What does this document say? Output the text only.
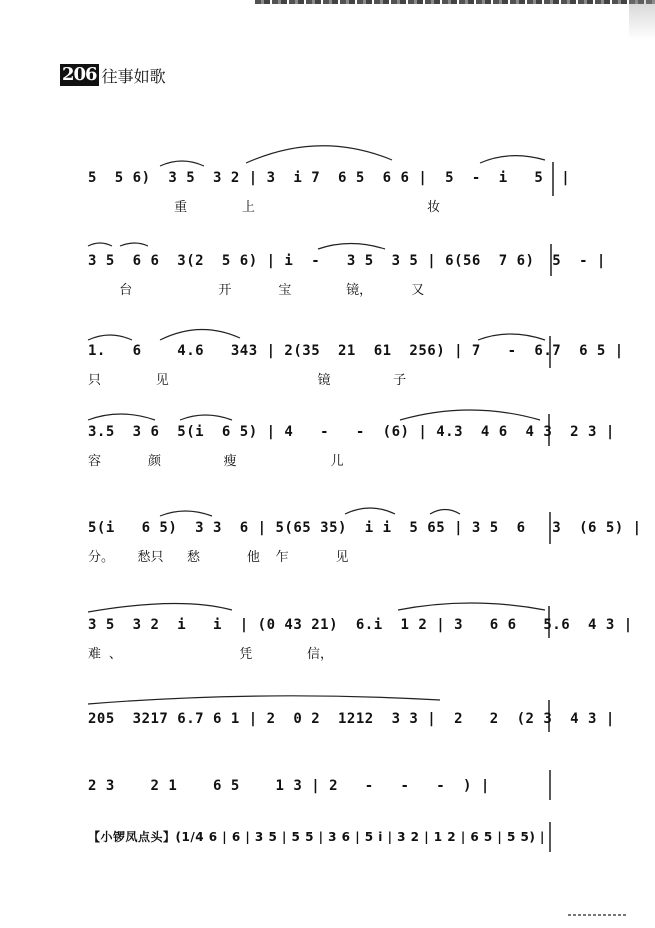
206 往事如歌
5  5 6)  3 5  3 2 | 3  i 7  6 5  6 6 |  5  -  i   5  |
重       上                      妆
3 5  6 6  3(2  5 6) | i  -   3 5  3 5 | 6(56  7 6)  5  - |
台           开      宝       镜，     又
1.   6    4.6   343 | 2(35  21  61  256) | 7   -  6.7  6 5 |
只       见                   镜        子
3.5  3 6  5(i  6 5) | 4   -   -  (6) | 4.3  4 6  4 3  2 3 |
容      颜        瘦            儿
5(i   6 5)  3 3  6 | 5(65 35)  i i  5 65 | 3 5  6   3  (6 5) |
分。   愁只   愁      他  乍      见
3 5  3 2  i   i  | (0 43 21)  6.i  1 2 | 3   6 6   5.6  4 3 |
难 、               凭       信，
205  3217 6.7 6 1 | 2  0 2  1212  3 3 |  2   2  (2 3  4 3 |
2 3    2 1    6 5    1 3 | 2   -   -   -  ) |
【小锣凤点头】(1/4 6 | 6 | 3 5 | 5 5 | 3 6 | 5 i | 3 2 | 1 2 | 6 5 | 5 5) |
